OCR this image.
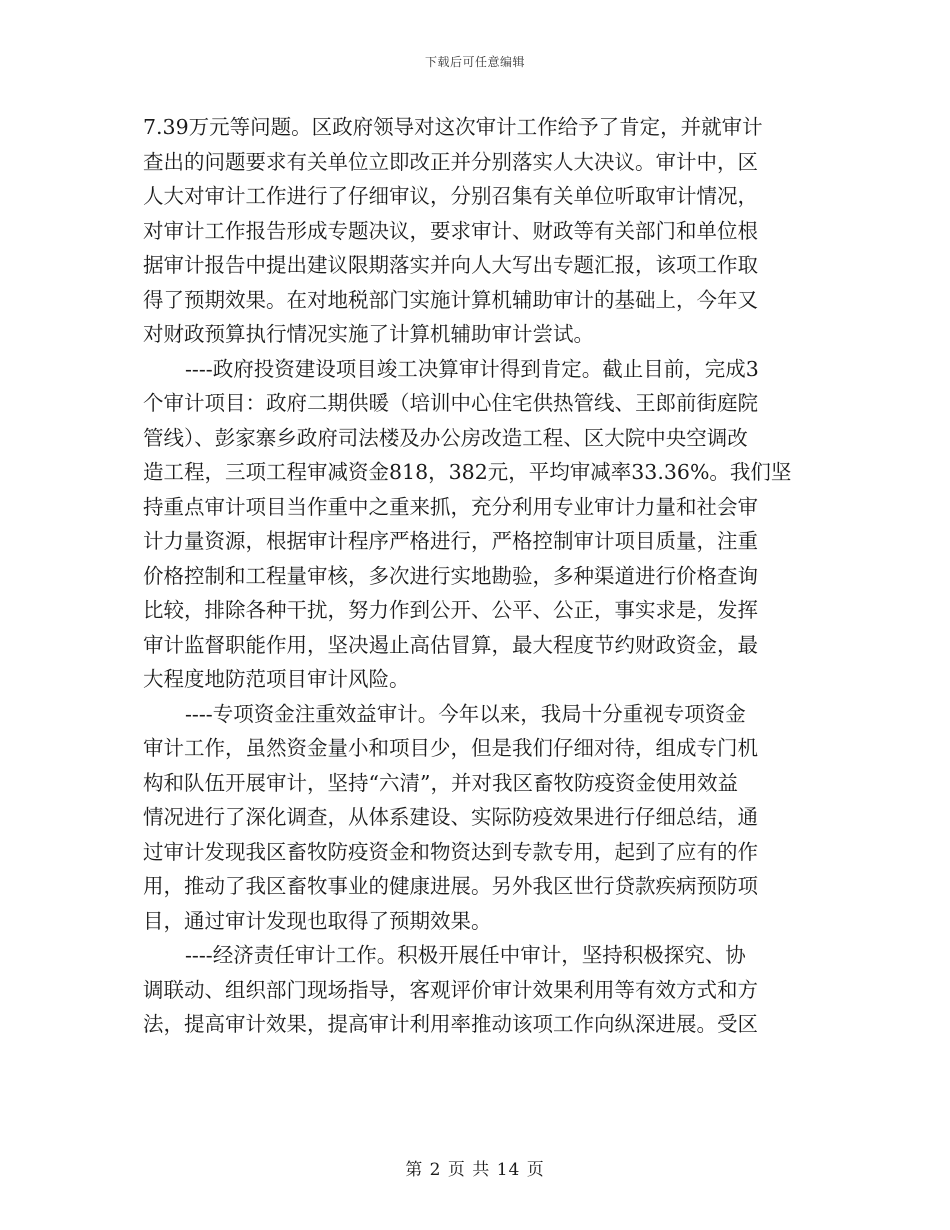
下载后可任意编辑
7.39万元等问题。区政府领导对这次审计工作给予了肯定，并就审计
查出的问题要求有关单位立即改正并分别落实人大决议。审计中，区
人大对审计工作进行了仔细审议，分别召集有关单位听取审计情况，
对审计工作报告形成专题决议，要求审计、财政等有关部门和单位根
据审计报告中提出建议限期落实并向人大写出专题汇报，该项工作取
得了预期效果。在对地税部门实施计算机辅助审计的基础上，今年又
对财政预算执行情况实施了计算机辅助审计尝试。
----政府投资建设项目竣工决算审计得到肯定。截止目前，完成3
个审计项目：政府二期供暖（培训中心住宅供热管线、王郎前街庭院
管线）、彭家寨乡政府司法楼及办公房改造工程、区大院中央空调改
造工程，三项工程审减资金818，382元，平均审减率33.36%。我们坚
持重点审计项目当作重中之重来抓，充分利用专业审计力量和社会审
计力量资源，根据审计程序严格进行，严格控制审计项目质量，注重
价格控制和工程量审核，多次进行实地勘验，多种渠道进行价格查询
比较，排除各种干扰，努力作到公开、公平、公正，事实求是，发挥
审计监督职能作用，坚决遏止高估冒算，最大程度节约财政资金，最
大程度地防范项目审计风险。
----专项资金注重效益审计。今年以来，我局十分重视专项资金
审计工作，虽然资金量小和项目少，但是我们仔细对待，组成专门机
构和队伍开展审计，坚持“六清”，并对我区畜牧防疫资金使用效益
情况进行了深化调查，从体系建设、实际防疫效果进行仔细总结，通
过审计发现我区畜牧防疫资金和物资达到专款专用，起到了应有的作
用，推动了我区畜牧事业的健康进展。另外我区世行贷款疾病预防项
目，通过审计发现也取得了预期效果。
----经济责任审计工作。积极开展任中审计，坚持积极探究、协
调联动、组织部门现场指导，客观评价审计效果利用等有效方式和方
法，提高审计效果，提高审计利用率推动该项工作向纵深进展。受区
第 2 页 共 14 页
